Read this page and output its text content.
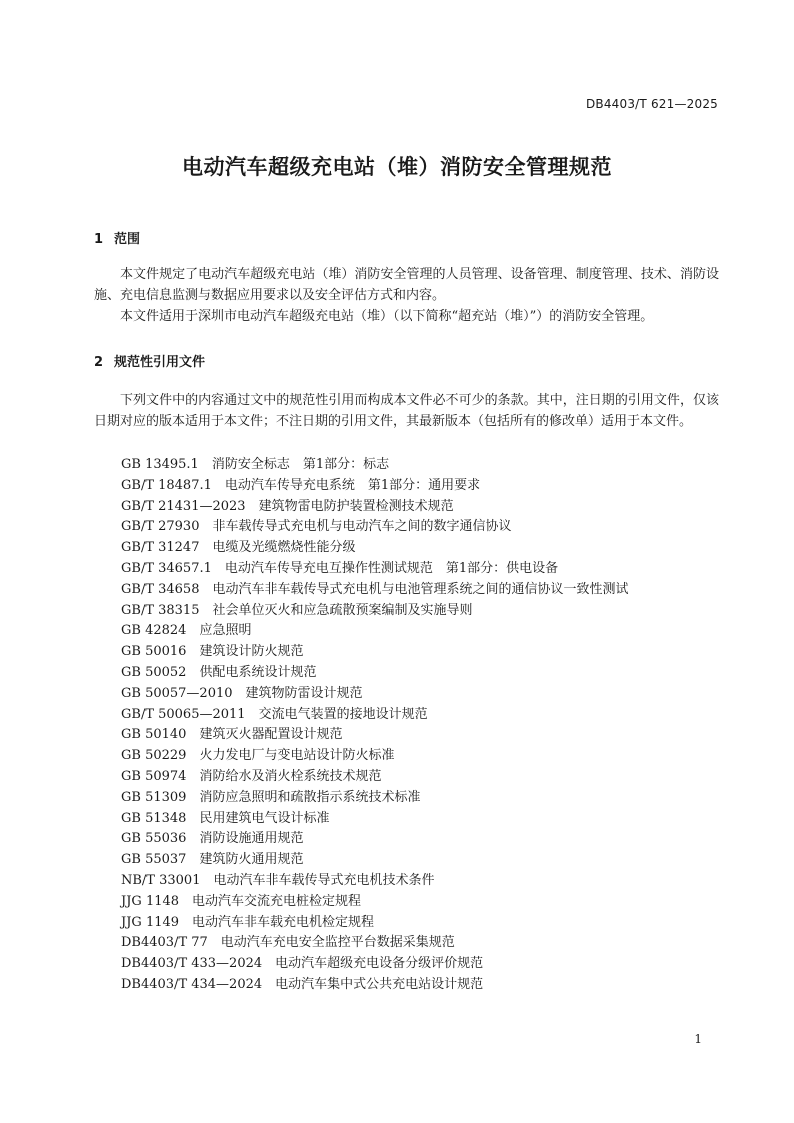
DB4403/T 621—2025
电动汽车超级充电站（堆）消防安全管理规范
1 范围

本文件规定了电动汽车超级充电站（堆）消防安全管理的人员管理、设备管理、制度管理、技术、消防设施、充电信息监测与数据应用要求以及安全评估方式和内容。

本文件适用于深圳市电动汽车超级充电站（堆）（以下简称“超充站（堆）”）的消防安全管理。

2 规范性引用文件

下列文件中的内容通过文中的规范性引用而构成本文件必不可少的条款。其中，注日期的引用文件，仅该日期对应的版本适用于本文件；不注日期的引用文件，其最新版本（包括所有的修改单）适用于本文件。

GB 13495.1 消防安全标志　第1部分：标志
GB/T 18487.1 电动汽车传导充电系统　第1部分：通用要求
GB/T 21431—2023 建筑物雷电防护装置检测技术规范
GB/T 27930 非车载传导式充电机与电动汽车之间的数字通信协议
GB/T 31247 电缆及光缆燃烧性能分级
GB/T 34657.1 电动汽车传导充电互操作性测试规范　第1部分：供电设备
GB/T 34658 电动汽车非车载传导式充电机与电池管理系统之间的通信协议一致性测试
GB/T 38315 社会单位灭火和应急疏散预案编制及实施导则
GB 42824 应急照明
GB 50016 建筑设计防火规范
GB 50052 供配电系统设计规范
GB 50057—2010 建筑物防雷设计规范
GB/T 50065—2011 交流电气装置的接地设计规范
GB 50140 建筑灭火器配置设计规范
GB 50229 火力发电厂与变电站设计防火标准
GB 50974 消防给水及消火栓系统技术规范
GB 51309 消防应急照明和疏散指示系统技术标准
GB 51348 民用建筑电气设计标准
GB 55036 消防设施通用规范
GB 55037 建筑防火通用规范
NB/T 33001 电动汽车非车载传导式充电机技术条件
JJG 1148 电动汽车交流充电桩检定规程
JJG 1149 电动汽车非车载充电机检定规程
DB4403/T 77 电动汽车充电安全监控平台数据采集规范
DB4403/T 433—2024 电动汽车超级充电设备分级评价规范
DB4403/T 434—2024 电动汽车集中式公共充电站设计规范
1
